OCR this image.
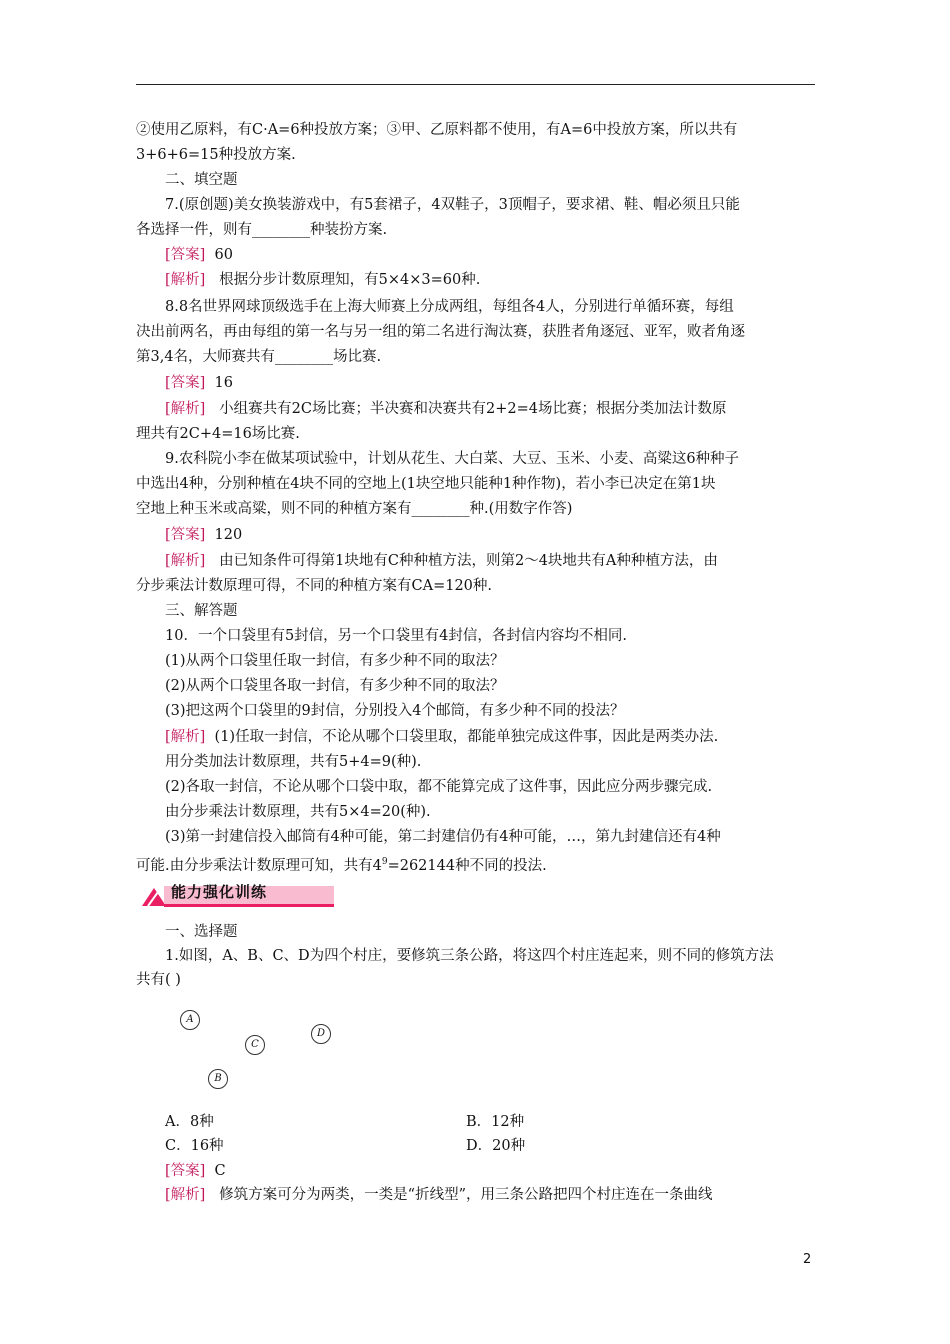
②使用乙原料，有C·A=6种投放方案；③甲、乙原料都不使用，有A=6中投放方案，所以共有
3+6+6=15种投放方案.
二、填空题
7.(原创题)美女换装游戏中，有5套裙子，4双鞋子，3顶帽子，要求裙、鞋、帽必须且只能
各选择一件，则有________种装扮方案.
[答案] 60
[解析] 根据分步计数原理知，有5×4×3=60种.
8.8名世界网球顶级选手在上海大师赛上分成两组，每组各4人，分别进行单循环赛，每组
决出前两名，再由每组的第一名与另一组的第二名进行淘汰赛，获胜者角逐冠、亚军，败者角逐
第3,4名，大师赛共有________场比赛.
[答案] 16
[解析] 小组赛共有2C场比赛；半决赛和决赛共有2+2=4场比赛；根据分类加法计数原
理共有2C+4=16场比赛.
9.农科院小李在做某项试验中，计划从花生、大白菜、大豆、玉米、小麦、高粱这6种种子
中选出4种，分别种植在4块不同的空地上(1块空地只能种1种作物)，若小李已决定在第1块
空地上种玉米或高粱，则不同的种植方案有________种.(用数字作答)
[答案] 120
[解析] 由已知条件可得第1块地有C种种植方法，则第2～4块地共有A种种植方法，由
分步乘法计数原理可得，不同的种植方案有CA=120种.
三、解答题
10．一个口袋里有5封信，另一个口袋里有4封信，各封信内容均不相同.
(1)从两个口袋里任取一封信，有多少种不同的取法？
(2)从两个口袋里各取一封信，有多少种不同的取法？
(3)把这两个口袋里的9封信，分别投入4个邮筒，有多少种不同的投法？
[解析] (1)任取一封信，不论从哪个口袋里取，都能单独完成这件事，因此是两类办法.
用分类加法计数原理，共有5+4=9(种).
(2)各取一封信，不论从哪个口袋中取，都不能算完成了这件事，因此应分两步骤完成.
由分步乘法计数原理，共有5×4=20(种).
(3)第一封建信投入邮筒有4种可能，第二封建信仍有4种可能，…，第九封建信还有4种
可能.由分步乘法计数原理可知，共有$4^9=262144$种不同的投法.
能力强化训练
一、选择题
1.如图，A、B、C、D为四个村庄，要修筑三条公路，将这四个村庄连起来，则不同的修筑方法
共有( )
A
D
C
B
A．8种	B．12种
C．16种	D．20种
[答案] C
[解析] 修筑方案可分为两类，一类是“折线型”，用三条公路把四个村庄连在一条曲线
2
